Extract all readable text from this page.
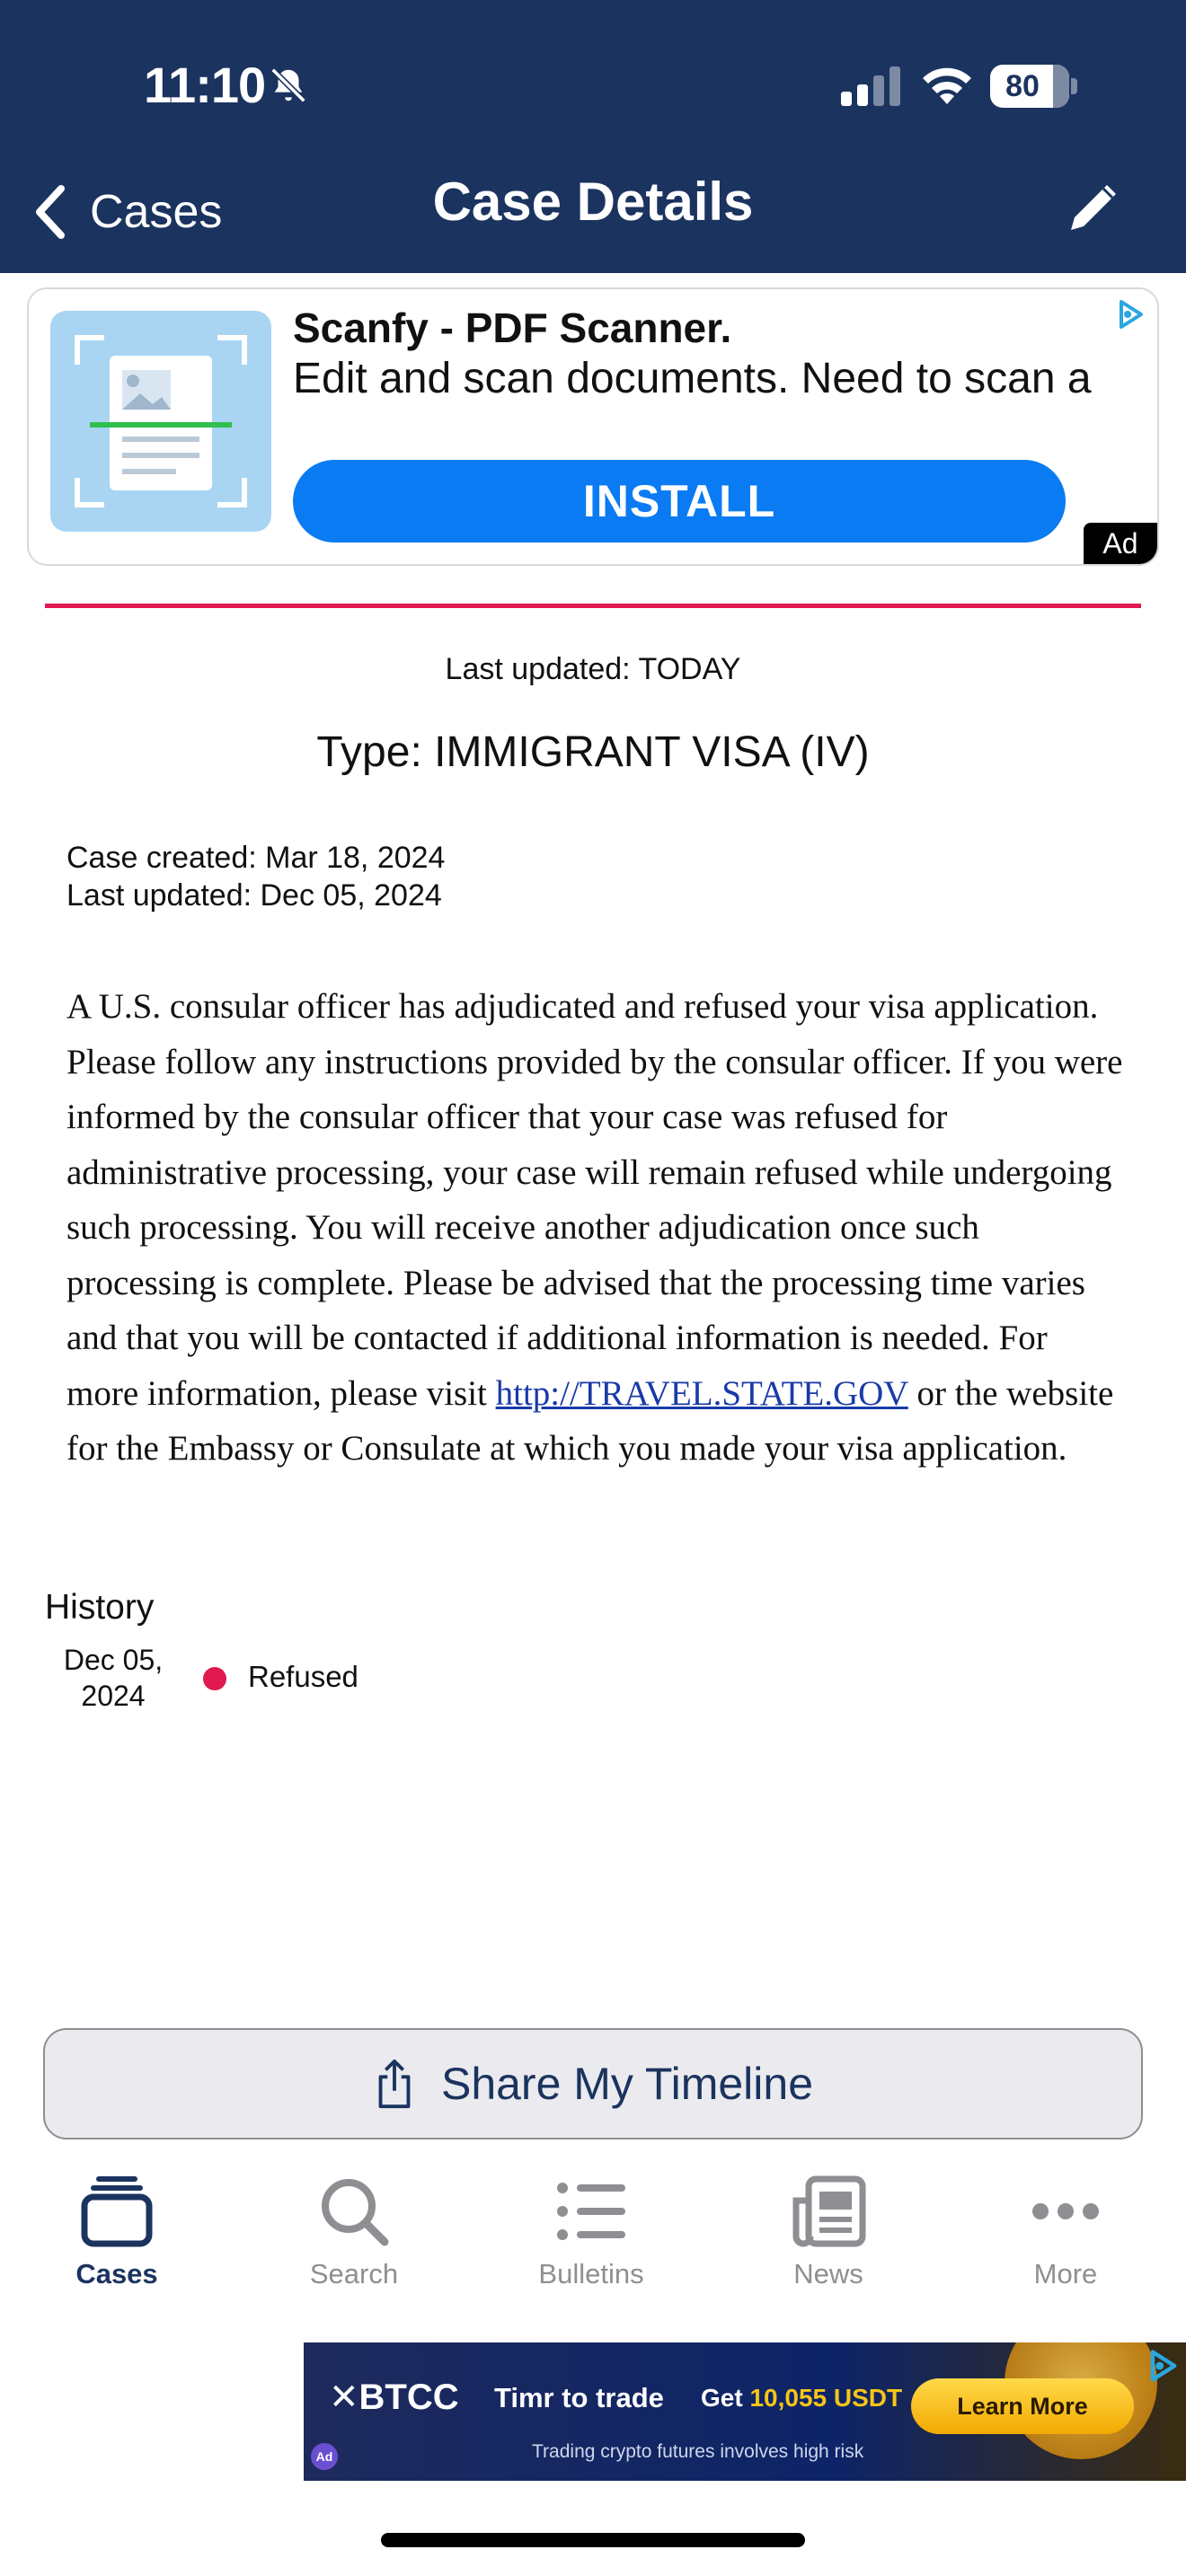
11:10	80
Cases	Case Details
Scanfy - PDF Scanner.
Edit and scan documents. Need to scan a
INSTALL
Ad
Last updated: TODAY
Type: IMMIGRANT VISA (IV)
Case created: Mar 18, 2024
Last updated: Dec 05, 2024
A U.S. consular officer has adjudicated and refused your visa application. Please follow any instructions provided by the consular officer. If you were informed by the consular officer that your case was refused for administrative processing, your case will remain refused while undergoing such processing. You will receive another adjudication once such processing is complete. Please be advised that the processing time varies and that you will be contacted if additional information is needed. For more information, please visit http://TRAVEL.STATE.GOV or the website for the Embassy or Consulate at which you made your visa application.
History
Dec 05,
2024
Refused
Share My Timeline
Cases	Search	Bulletins	News	More
✕BTCC Timr to trade Get 10,055 USDT
Trading crypto futures involves high risk
Learn More
Ad
